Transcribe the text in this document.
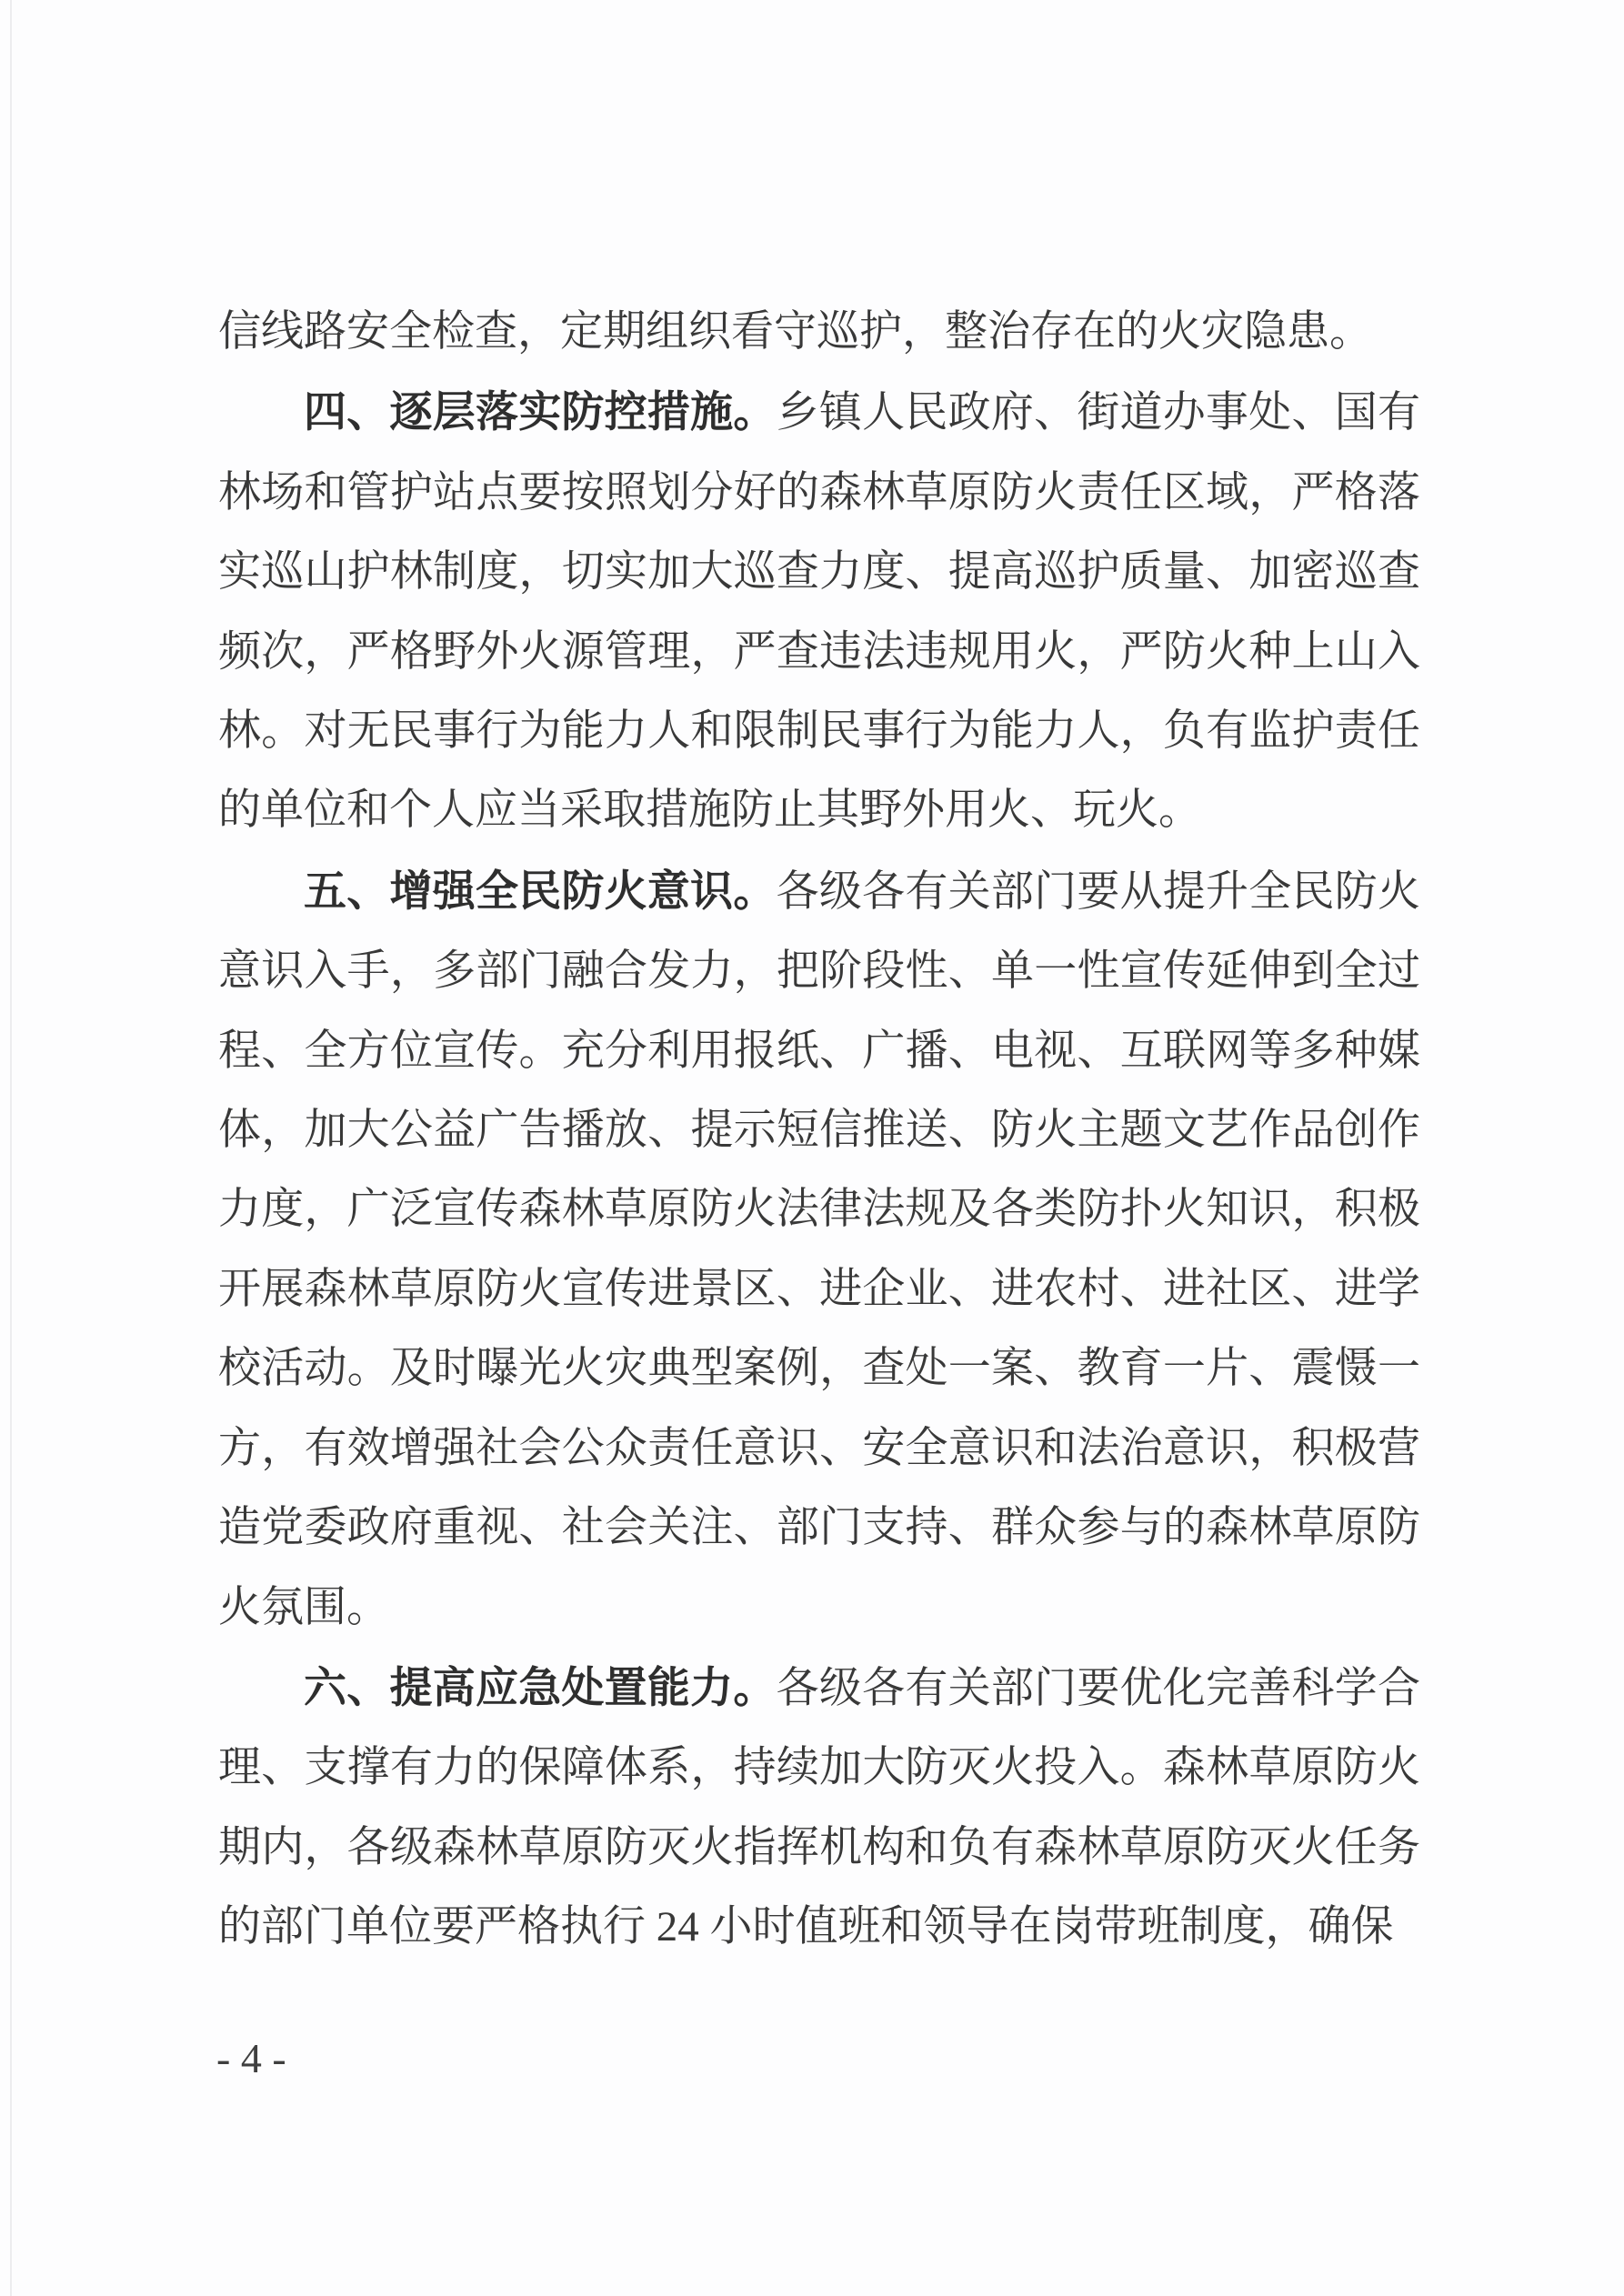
信线路安全检查，定期组织看守巡护，整治存在的火灾隐患。

四、逐层落实防控措施。乡镇人民政府、街道办事处、国有林场和管护站点要按照划分好的森林草原防火责任区域，严格落实巡山护林制度，切实加大巡查力度、提高巡护质量、加密巡查频次，严格野外火源管理，严查违法违规用火，严防火种上山入林。对无民事行为能力人和限制民事行为能力人，负有监护责任的单位和个人应当采取措施防止其野外用火、玩火。

五、增强全民防火意识。各级各有关部门要从提升全民防火意识入手，多部门融合发力，把阶段性、单一性宣传延伸到全过程、全方位宣传。充分利用报纸、广播、电视、互联网等多种媒体，加大公益广告播放、提示短信推送、防火主题文艺作品创作力度，广泛宣传森林草原防火法律法规及各类防扑火知识，积极开展森林草原防火宣传进景区、进企业、进农村、进社区、进学校活动。及时曝光火灾典型案例，查处一案、教育一片、震慑一方，有效增强社会公众责任意识、安全意识和法治意识，积极营造党委政府重视、社会关注、部门支持、群众参与的森林草原防火氛围。

六、提高应急处置能力。各级各有关部门要优化完善科学合理、支撑有力的保障体系，持续加大防灭火投入。森林草原防火期内，各级森林草原防灭火指挥机构和负有森林草原防灭火任务的部门单位要严格执行 24 小时值班和领导在岗带班制度，确保

- 4 -
